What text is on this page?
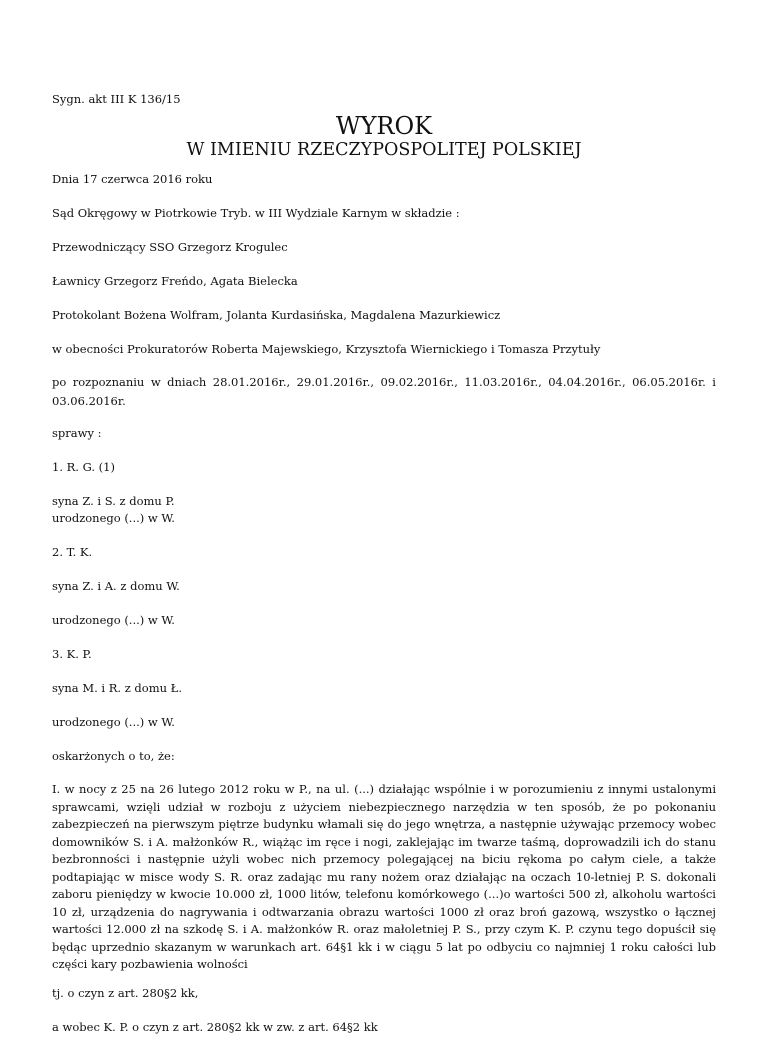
Sygn. akt III K 136/15

WYROK
W IMIENIU RZECZYPOSPOLITEJ POLSKIEJ

Dnia 17 czerwca 2016 roku

Sąd Okręgowy w Piotrkowie Tryb. w III Wydziale Karnym w składzie :

Przewodniczący SSO Grzegorz Krogulec

Ławnicy Grzegorz Freńdo, Agata Bielecka

Protokolant Bożena Wolfram, Jolanta Kurdasińska, Magdalena Mazurkiewicz

w obecności Prokuratorów Roberta Majewskiego, Krzysztofa Wiernickiego i Tomasza Przytuły

po rozpoznaniu w dniach 28.01.2016r., 29.01.2016r., 09.02.2016r., 11.03.2016r., 04.04.2016r., 06.05.2016r. i 03.06.2016r.

sprawy :

1. R. G. (1)

syna Z. i S. z domu P.

urodzonego (...) w W.

2. T. K.

syna Z. i A. z domu W.

urodzonego (...) w W.

3. K. P.

syna M. i R. z domu Ł.

urodzonego (...) w W.

oskarżonych o to, że:

I. w nocy z 25 na 26 lutego 2012 roku w P., na ul. (...) działając wspólnie i w porozumieniu z innymi ustalonymi sprawcami, wzięli udział w rozboju z użyciem niebezpiecznego narzędzia w ten sposób, że po pokonaniu zabezpieczeń na pierwszym piętrze budynku włamali się do jego wnętrza, a następnie używając przemocy wobec domowników S. i A. małżonków R., wiążąc im ręce i nogi, zaklejając im twarze taśmą, doprowadzili ich do stanu bezbronności i następnie użyli wobec nich przemocy polegającej na biciu rękoma po całym ciele, a także podtapiając w misce wody S. R. oraz zadając mu rany nożem oraz działając na oczach 10-letniej P. S. dokonali zaboru pieniędzy w kwocie 10.000 zł, 1000 litów, telefonu komórkowego (...)o wartości 500 zł, alkoholu wartości 10 zł, urządzenia do nagrywania i odtwarzania obrazu wartości 1000 zł oraz broń gazową, wszystko o łącznej wartości 12.000 zł na szkodę S. i A. małżonków R. oraz małoletniej P. S., przy czym K. P. czynu tego dopuścił się będąc uprzednio skazanym w warunkach art. 64§1 kk i w ciągu 5 lat po odbyciu co najmniej 1 roku całości lub części kary pozbawienia wolności

tj. o czyn z art. 280§2 kk,

a wobec K. P. o czyn z art. 280§2 kk w zw. z art. 64§2 kk
